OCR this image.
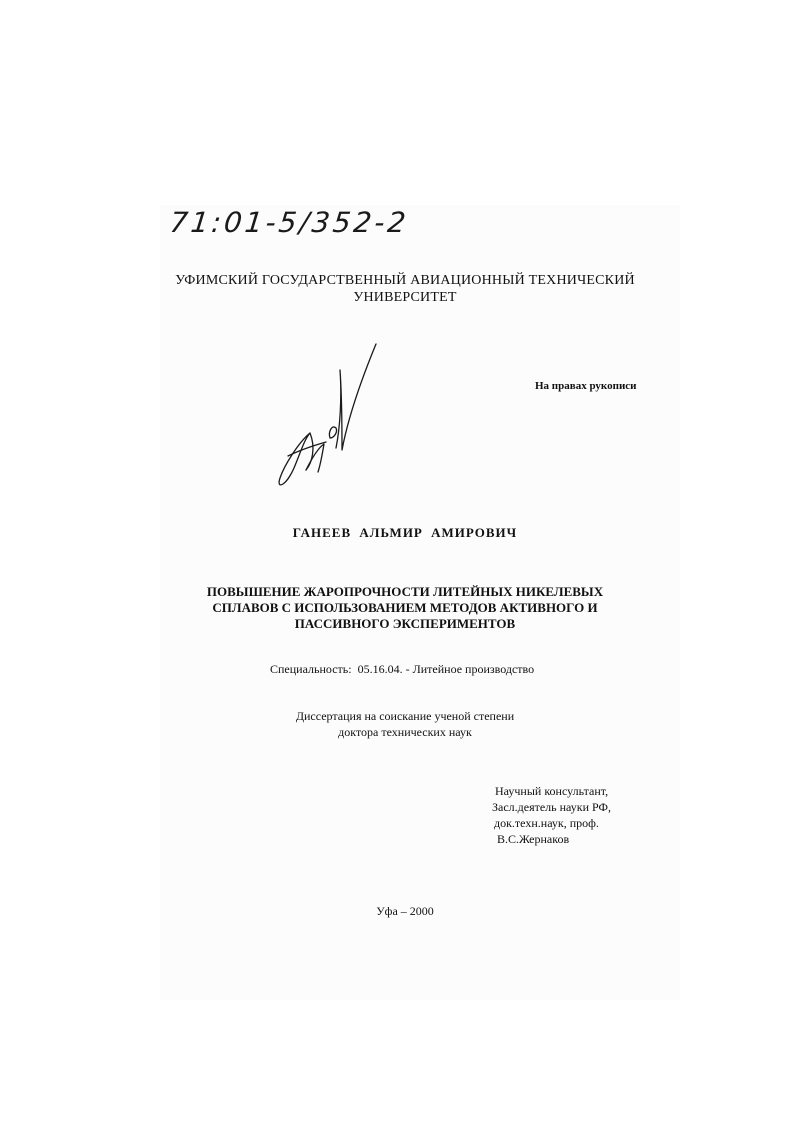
71:01-5/352-2
УФИМСКИЙ ГОСУДАРСТВЕННЫЙ АВИАЦИОННЫЙ ТЕХНИЧЕСКИЙ УНИВЕРСИТЕТ
На правах рукописи
ГАНЕЕВ АЛЬМИР АМИРОВИЧ
ПОВЫШЕНИЕ ЖАРОПРОЧНОСТИ ЛИТЕЙНЫХ НИКЕЛЕВЫХ
СПЛАВОВ С ИСПОЛЬЗОВАНИЕМ МЕТОДОВ АКТИВНОГО И
ПАССИВНОГО ЭКСПЕРИМЕНТОВ
Специальность: 05.16.04. - Литейное производство
Диссертация на соискание ученой степени
доктора технических наук
Научный консультант,
Засл.деятель науки РФ,
док.техн.наук, проф.
В.С.Жернаков
Уфа – 2000
